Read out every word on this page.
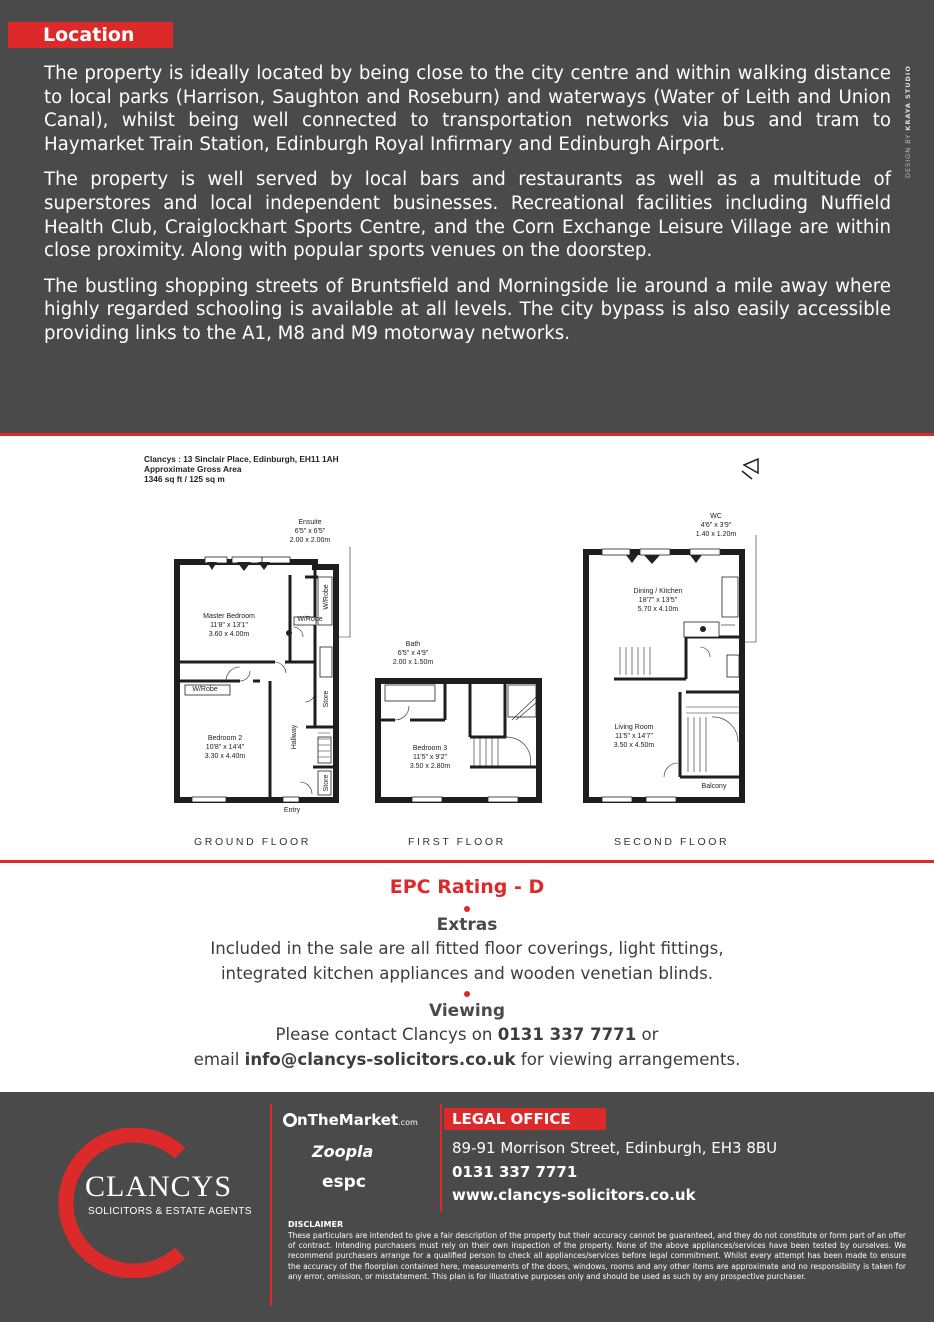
Location

The property is ideally located by being close to the city centre and within walking distance to local parks (Harrison, Saughton and Roseburn) and waterways (Water of Leith and Union Canal), whilst being well connected to transportation networks via bus and tram to Haymarket Train Station, Edinburgh Royal Infirmary and Edinburgh Airport.

The property is well served by local bars and restaurants as well as a multitude of superstores and local independent businesses. Recreational facilities including Nuffield Health Club, Craiglockhart Sports Centre, and the Corn Exchange Leisure Village are within close proximity. Along with popular sports venues on the doorstep.

The bustling shopping streets of Bruntsfield and Morningside lie around a mile away where highly regarded schooling is available at all levels. The city bypass is also easily accessible providing links to the A1, M8 and M9 motorway networks.

DESIGN BY KRAYA STUDIO
Clancys : 13 Sinclair Place, Edinburgh, EH11 1AH
Approximate Gross Area
1346 sq ft / 125 sq m
Ensuite
6'5" x 6'5"
2.00 x 2.00m
Master Bedroom
11'8" x 13'1"
3.60 x 4.00m
Bedroom 2
10'8" x 14'4"
3.30 x 4.40m
W/Robe
W/Robe
Entry
W/Robe
Hallway
Store
Store
Bath
6'5" x 4'9"
2.00 x 1.50m
Bedroom 3
11'5" x 9'2"
3.50 x 2.80m
WC
4'6" x 3'9"
1.40 x 1.20m
Dining / Kitchen
18'7" x 13'5"
5.70 x 4.10m
Living Room
11'5" x 14'7"
3.50 x 4.50m
Balcony
GROUND FLOOR	FIRST FLOOR	SECOND FLOOR
EPC Rating - D
Extras
Included in the sale are all fitted floor coverings, light fittings,
integrated kitchen appliances and wooden venetian blinds.
Viewing
Please contact Clancys on 0131 337 7771 or
email info@clancys-solicitors.co.uk for viewing arrangements.
CLANCYS
SOLICITORS & ESTATE AGENTS
nTheMarket.com
Zoopla
espc
LEGAL OFFICE
89-91 Morrison Street, Edinburgh, EH3 8BU
0131 337 7771
www.clancys-solicitors.co.uk
DISCLAIMER
These particulars are intended to give a fair description of the property but their accuracy cannot be guaranteed, and they do not constitute or form part of an offer of contract. Intending purchasers must rely on their own inspection of the property. None of the above appliances/services have been tested by ourselves. We recommend purchasers arrange for a qualified person to check all appliances/services before legal commitment. Whilst every attempt has been made to ensure the accuracy of the floorplan contained here, measurements of the doors, windows, rooms and any other items are approximate and no responsibility is taken for any error, omission, or misstatement. This plan is for illustrative purposes only and should be used as such by any prospective purchaser.
